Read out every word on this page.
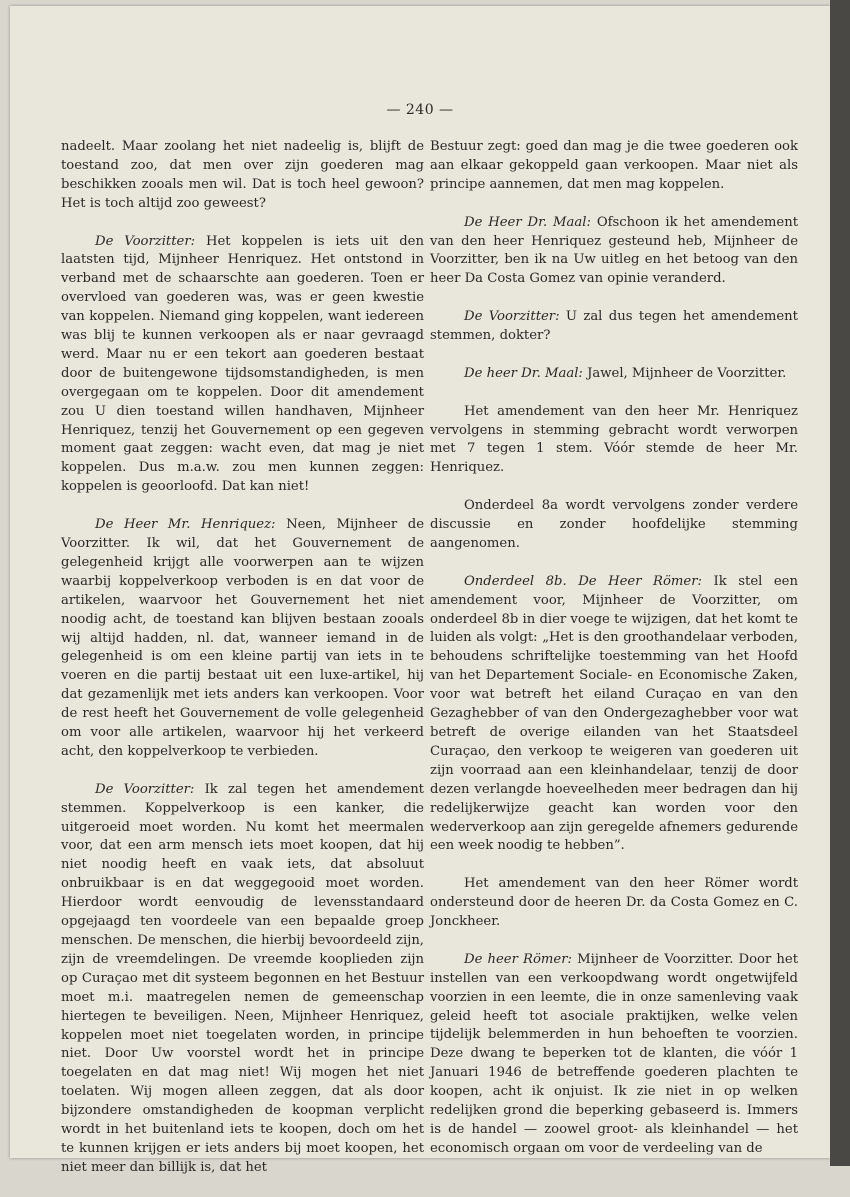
— 240 —

nadeelt. Maar zoolang het niet nadeelig is, blijft de toestand zoo, dat men over zijn goederen mag beschikken zooals men wil. Dat is toch heel gewoon? Het is toch altijd zoo geweest?

De Voorzitter: Het koppelen is iets uit den laatsten tijd, Mijnheer Henriquez. Het ontstond in verband met de schaarschte aan goederen. Toen er overvloed van goederen was, was er geen kwestie van koppelen. Niemand ging koppelen, want iedereen was blij te kunnen verkoopen als er naar gevraagd werd. Maar nu er een tekort aan goederen bestaat door de buitengewone tijdsomstandigheden, is men overgegaan om te koppelen. Door dit amendement zou U dien toestand willen handhaven, Mijnheer Henriquez, tenzij het Gouvernement op een gegeven moment gaat zeggen: wacht even, dat mag je niet koppelen. Dus m.a.w. zou men kunnen zeggen: koppelen is geoorloofd. Dat kan niet!

De Heer Mr. Henriquez: Neen, Mijnheer de Voorzitter. Ik wil, dat het Gouvernement de gelegenheid krijgt alle voorwerpen aan te wijzen waarbij koppelverkoop verboden is en dat voor de artikelen, waarvoor het Gouvernement het niet noodig acht, de toestand kan blijven bestaan zooals wij altijd hadden, nl. dat, wanneer iemand in de gelegenheid is om een kleine partij van iets in te voeren en die partij bestaat uit een luxe-artikel, hij dat gezamenlijk met iets anders kan verkoopen. Voor de rest heeft het Gouvernement de volle gelegenheid om voor alle artikelen, waarvoor hij het verkeerd acht, den koppelverkoop te verbieden.

De Voorzitter: Ik zal tegen het amendement stemmen. Koppelverkoop is een kanker, die uitgeroeid moet worden. Nu komt het meermalen voor, dat een arm mensch iets moet koopen, dat hij niet noodig heeft en vaak iets, dat absoluut onbruikbaar is en dat weggegooid moet worden. Hierdoor wordt eenvoudig de levensstandaard opgejaagd ten voordeele van een bepaalde groep menschen. De menschen, die hierbij bevoordeeld zijn, zijn de vreemdelingen. De vreemde kooplieden zijn op Curaçao met dit systeem begonnen en het Bestuur moet m.i. maatregelen nemen de gemeenschap hiertegen te beveiligen. Neen, Mijnheer Henriquez, koppelen moet niet toegelaten worden, in principe niet. Door Uw voorstel wordt het in principe toegelaten en dat mag niet! Wij mogen het niet toelaten. Wij mogen alleen zeggen, dat als door bijzondere omstandigheden de koopman verplicht wordt in het buitenland iets te koopen, doch om het te kunnen krijgen er iets anders bij moet koopen, het niet meer dan billijk is, dat het

Bestuur zegt: goed dan mag je die twee goederen ook aan elkaar gekoppeld gaan verkoopen. Maar niet als principe aannemen, dat men mag koppelen.

De Heer Dr. Maal: Ofschoon ik het amendement van den heer Henriquez gesteund heb, Mijnheer de Voorzitter, ben ik na Uw uitleg en het betoog van den heer Da Costa Gomez van opinie veranderd.

De Voorzitter: U zal dus tegen het amendement stemmen, dokter?

De heer Dr. Maal: Jawel, Mijnheer de Voorzitter.

Het amendement van den heer Mr. Henriquez vervolgens in stemming gebracht wordt verworpen met 7 tegen 1 stem. Vóór stemde de heer Mr. Henriquez.

Onderdeel 8a wordt vervolgens zonder verdere discussie en zonder hoofdelijke stemming aangenomen.

Onderdeel 8b. De Heer Römer: Ik stel een amendement voor, Mijnheer de Voorzitter, om onderdeel 8b in dier voege te wijzigen, dat het komt te luiden als volgt: „Het is den groothandelaar verboden, behoudens schriftelijke toestemming van het Hoofd van het Departement Sociale- en Economische Zaken, voor wat betreft het eiland Curaçao en van den Gezaghebber of van den Ondergezaghebber voor wat betreft de overige eilanden van het Staatsdeel Curaçao, den verkoop te weigeren van goederen uit zijn voorraad aan een kleinhandelaar, tenzij de door dezen verlangde hoeveelheden meer bedragen dan hij redelijkerwijze geacht kan worden voor den wederverkoop aan zijn geregelde afnemers gedurende een week noodig te hebben”.

Het amendement van den heer Römer wordt ondersteund door de heeren Dr. da Costa Gomez en C. Jonckheer.

De heer Römer: Mijnheer de Voorzitter. Door het instellen van een verkoopdwang wordt ongetwijfeld voorzien in een leemte, die in onze samenleving vaak geleid heeft tot asociale praktijken, welke velen tijdelijk belemmerden in hun behoeften te voorzien. Deze dwang te beperken tot de klanten, die vóór 1 Januari 1946 de betreffende goederen plachten te koopen, acht ik onjuist. Ik zie niet in op welken redelijken grond die beperking gebaseerd is. Immers is de handel — zoowel groot- als kleinhandel — het economisch orgaan om voor de verdeeling van de
